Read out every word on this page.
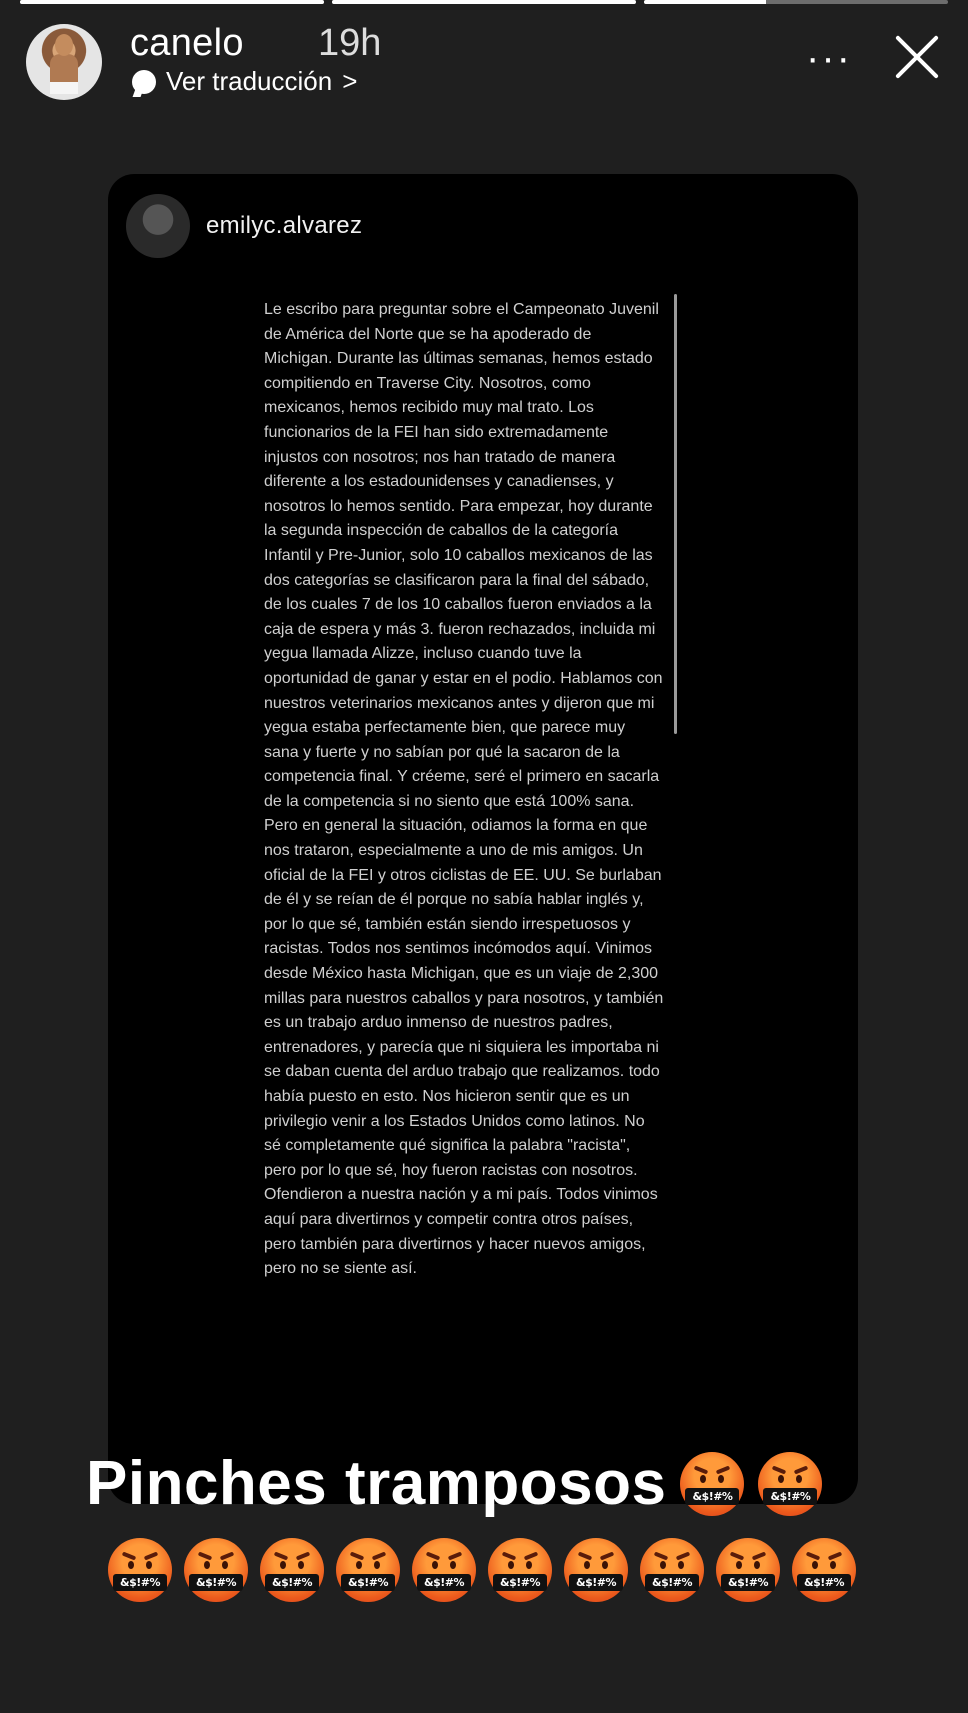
canelo 19h
Ver traducción >
···
emilyc.alvarez

Le escribo para preguntar sobre el Campeonato Juvenil de América del Norte que se ha apoderado de Michigan. Durante las últimas semanas, hemos estado compitiendo en Traverse City. Nosotros, como mexicanos, hemos recibido muy mal trato. Los funcionarios de la FEI han sido extremadamente injustos con nosotros; nos han tratado de manera diferente a los estadounidenses y canadienses, y nosotros lo hemos sentido. Para empezar, hoy durante la segunda inspección de caballos de la categoría Infantil y Pre-Junior, solo 10 caballos mexicanos de las dos categorías se clasificaron para la final del sábado, de los cuales 7 de los 10 caballos fueron enviados a la caja de espera y más 3. fueron rechazados, incluida mi yegua llamada Alizze, incluso cuando tuve la oportunidad de ganar y estar en el podio. Hablamos con nuestros veterinarios mexicanos antes y dijeron que mi yegua estaba perfectamente bien, que parece muy sana y fuerte y no sabían por qué la sacaron de la competencia final. Y créeme, seré el primero en sacarla de la competencia si no siento que está 100% sana.

Pero en general la situación, odiamos la forma en que nos trataron, especialmente a uno de mis amigos. Un oficial de la FEI y otros ciclistas de EE. UU. Se burlaban de él y se reían de él porque no sabía hablar inglés y, por lo que sé, también están siendo irrespetuosos y racistas. Todos nos sentimos incómodos aquí. Vinimos desde México hasta Michigan, que es un viaje de 2,300 millas para nuestros caballos y para nosotros, y también es un trabajo arduo inmenso de nuestros padres, entrenadores, y parecía que ni siquiera les importaba ni se daban cuenta del arduo trabajo que realizamos. todo había puesto en esto. Nos hicieron sentir que es un privilegio venir a los Estados Unidos como latinos. No sé completamente qué significa la palabra "racista", pero por lo que sé, hoy fueron racistas con nosotros. Ofendieron a nuestra nación y a mi país. Todos vinimos aquí para divertirnos y competir contra otros países, pero también para divertirnos y hacer nuevos amigos, pero no se siente así.

Pinches tramposos	&$!#%	&$!#%
&$!#%	&$!#%	&$!#%	&$!#%	&$!#%	&$!#%	&$!#%	&$!#%	&$!#%	&$!#%
